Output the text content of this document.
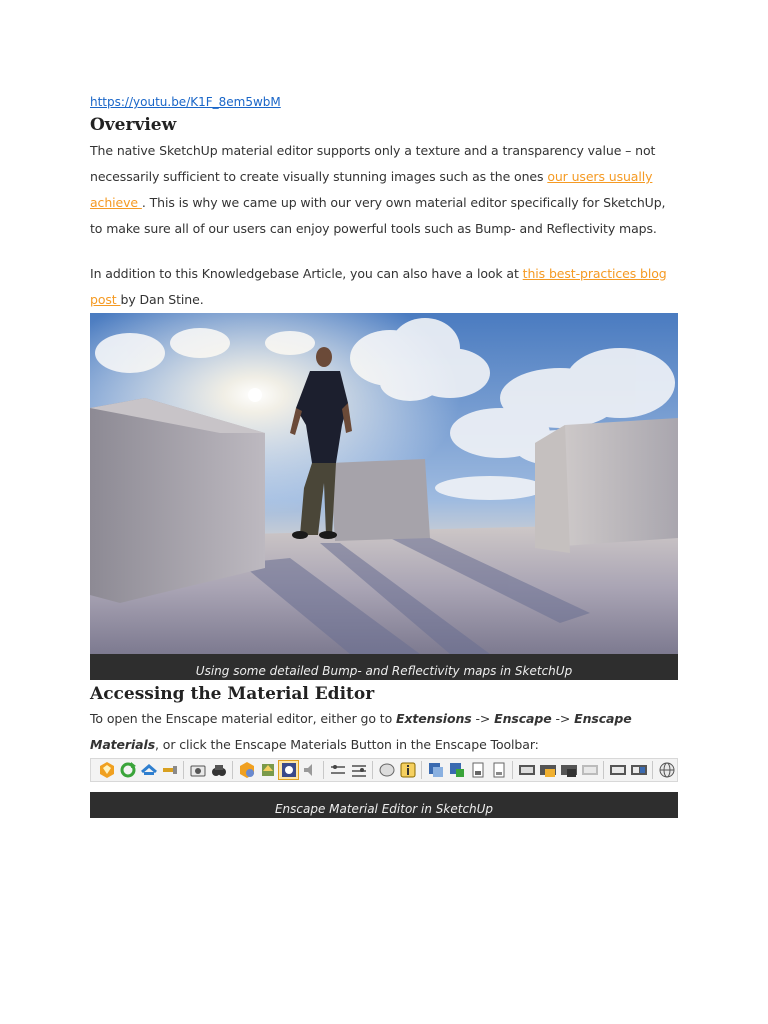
https://youtu.be/K1F_8em5wbM
Overview

The native SketchUp material editor supports only a texture and a transparency value – not necessarily sufficient to create visually stunning images such as the ones our users usually achieve . This is why we came up with our very own material editor specifically for SketchUp, to make sure all of our users can enjoy powerful tools such as Bump- and Reflectivity maps.

In addition to this Knowledgebase Article, you can also have a look at this best-practices blog post by Dan Stine.

Using some detailed Bump- and Reflectivity maps in SketchUp
Accessing the Material Editor

To open the Enscape material editor, either go to Extensions -> Enscape -> Enscape Materials, or click the Enscape Materials Button in the Enscape Toolbar:

Enscape Material Editor in SketchUp
